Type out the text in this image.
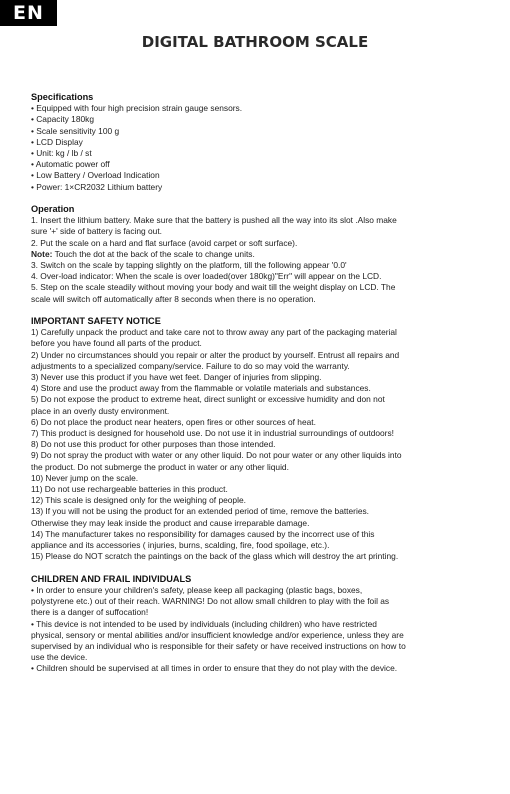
EN
DIGITAL BATHROOM SCALE
Specifications

• Equipped with four high precision strain gauge sensors.

• Capacity 180kg

• Scale sensitivity 100 g

• LCD Display

• Unit: kg / lb / st

• Automatic power off

• Low Battery / Overload Indication

• Power: 1×CR2032 Lithium battery

Operation

1. Insert the lithium battery. Make sure that the battery is pushed all the way into its slot .Also make

sure '+' side of battery is facing out.

2. Put the scale on a hard and flat surface (avoid carpet or soft surface).

Note: Touch the dot at the back of the scale to change units.

3. Switch on the scale by tapping slightly on the platform, till the following appear '0.0'

4. Over-load indicator: When the scale is over loaded(over 180kg)"Err" will appear on the LCD.

5. Step on the scale steadily without moving your body and wait till the weight display on LCD. The

scale will switch off automatically after 8 seconds when there is no operation.

IMPORTANT SAFETY NOTICE

1) Carefully unpack the product and take care not to throw away any part of the packaging material

before you have found all parts of the product.

2) Under no circumstances should you repair or alter the product by yourself. Entrust all repairs and

adjustments to a specialized company/service. Failure to do so may void the warranty.

3) Never use this product if you have wet feet. Danger of injuries from slipping.

4) Store and use the product away from the flammable or volatile materials and substances.

5) Do not expose the product to extreme heat, direct sunlight or excessive humidity and don not

place in an overly dusty environment.

6) Do not place the product near heaters, open fires or other sources of heat.

7) This product is designed for household use. Do not use it in industrial surroundings of outdoors!

8) Do not use this product for other purposes than those intended.

9) Do not spray the product with water or any other liquid. Do not pour water or any other liquids into

the product. Do not submerge the product in water or any other liquid.

10) Never jump on the scale.

11) Do not use rechargeable batteries in this product.

12) This scale is designed only for the weighing of people.

13) If you will not be using the product for an extended period of time, remove the batteries.

Otherwise they may leak inside the product and cause irreparable damage.

14) The manufacturer takes no responsibility for damages caused by the incorrect use of this

appliance and its accessories ( injuries, burns, scalding, fire, food spoilage, etc.).

15) Please do NOT scratch the paintings on the back of the glass which will destroy the art printing.

CHILDREN AND FRAIL INDIVIDUALS

• In order to ensure your children's safety, please keep all packaging (plastic bags, boxes,

polystyrene etc.) out of their reach. WARNING! Do not allow small children to play with the foil as

there is a danger of suffocation!

• This device is not intended to be used by individuals (including children) who have restricted

physical, sensory or mental abilities and/or insufficient knowledge and/or experience, unless they are

supervised by an individual who is responsible for their safety or have received instructions on how to

use the device.

• Children should be supervised at all times in order to ensure that they do not play with the device.
